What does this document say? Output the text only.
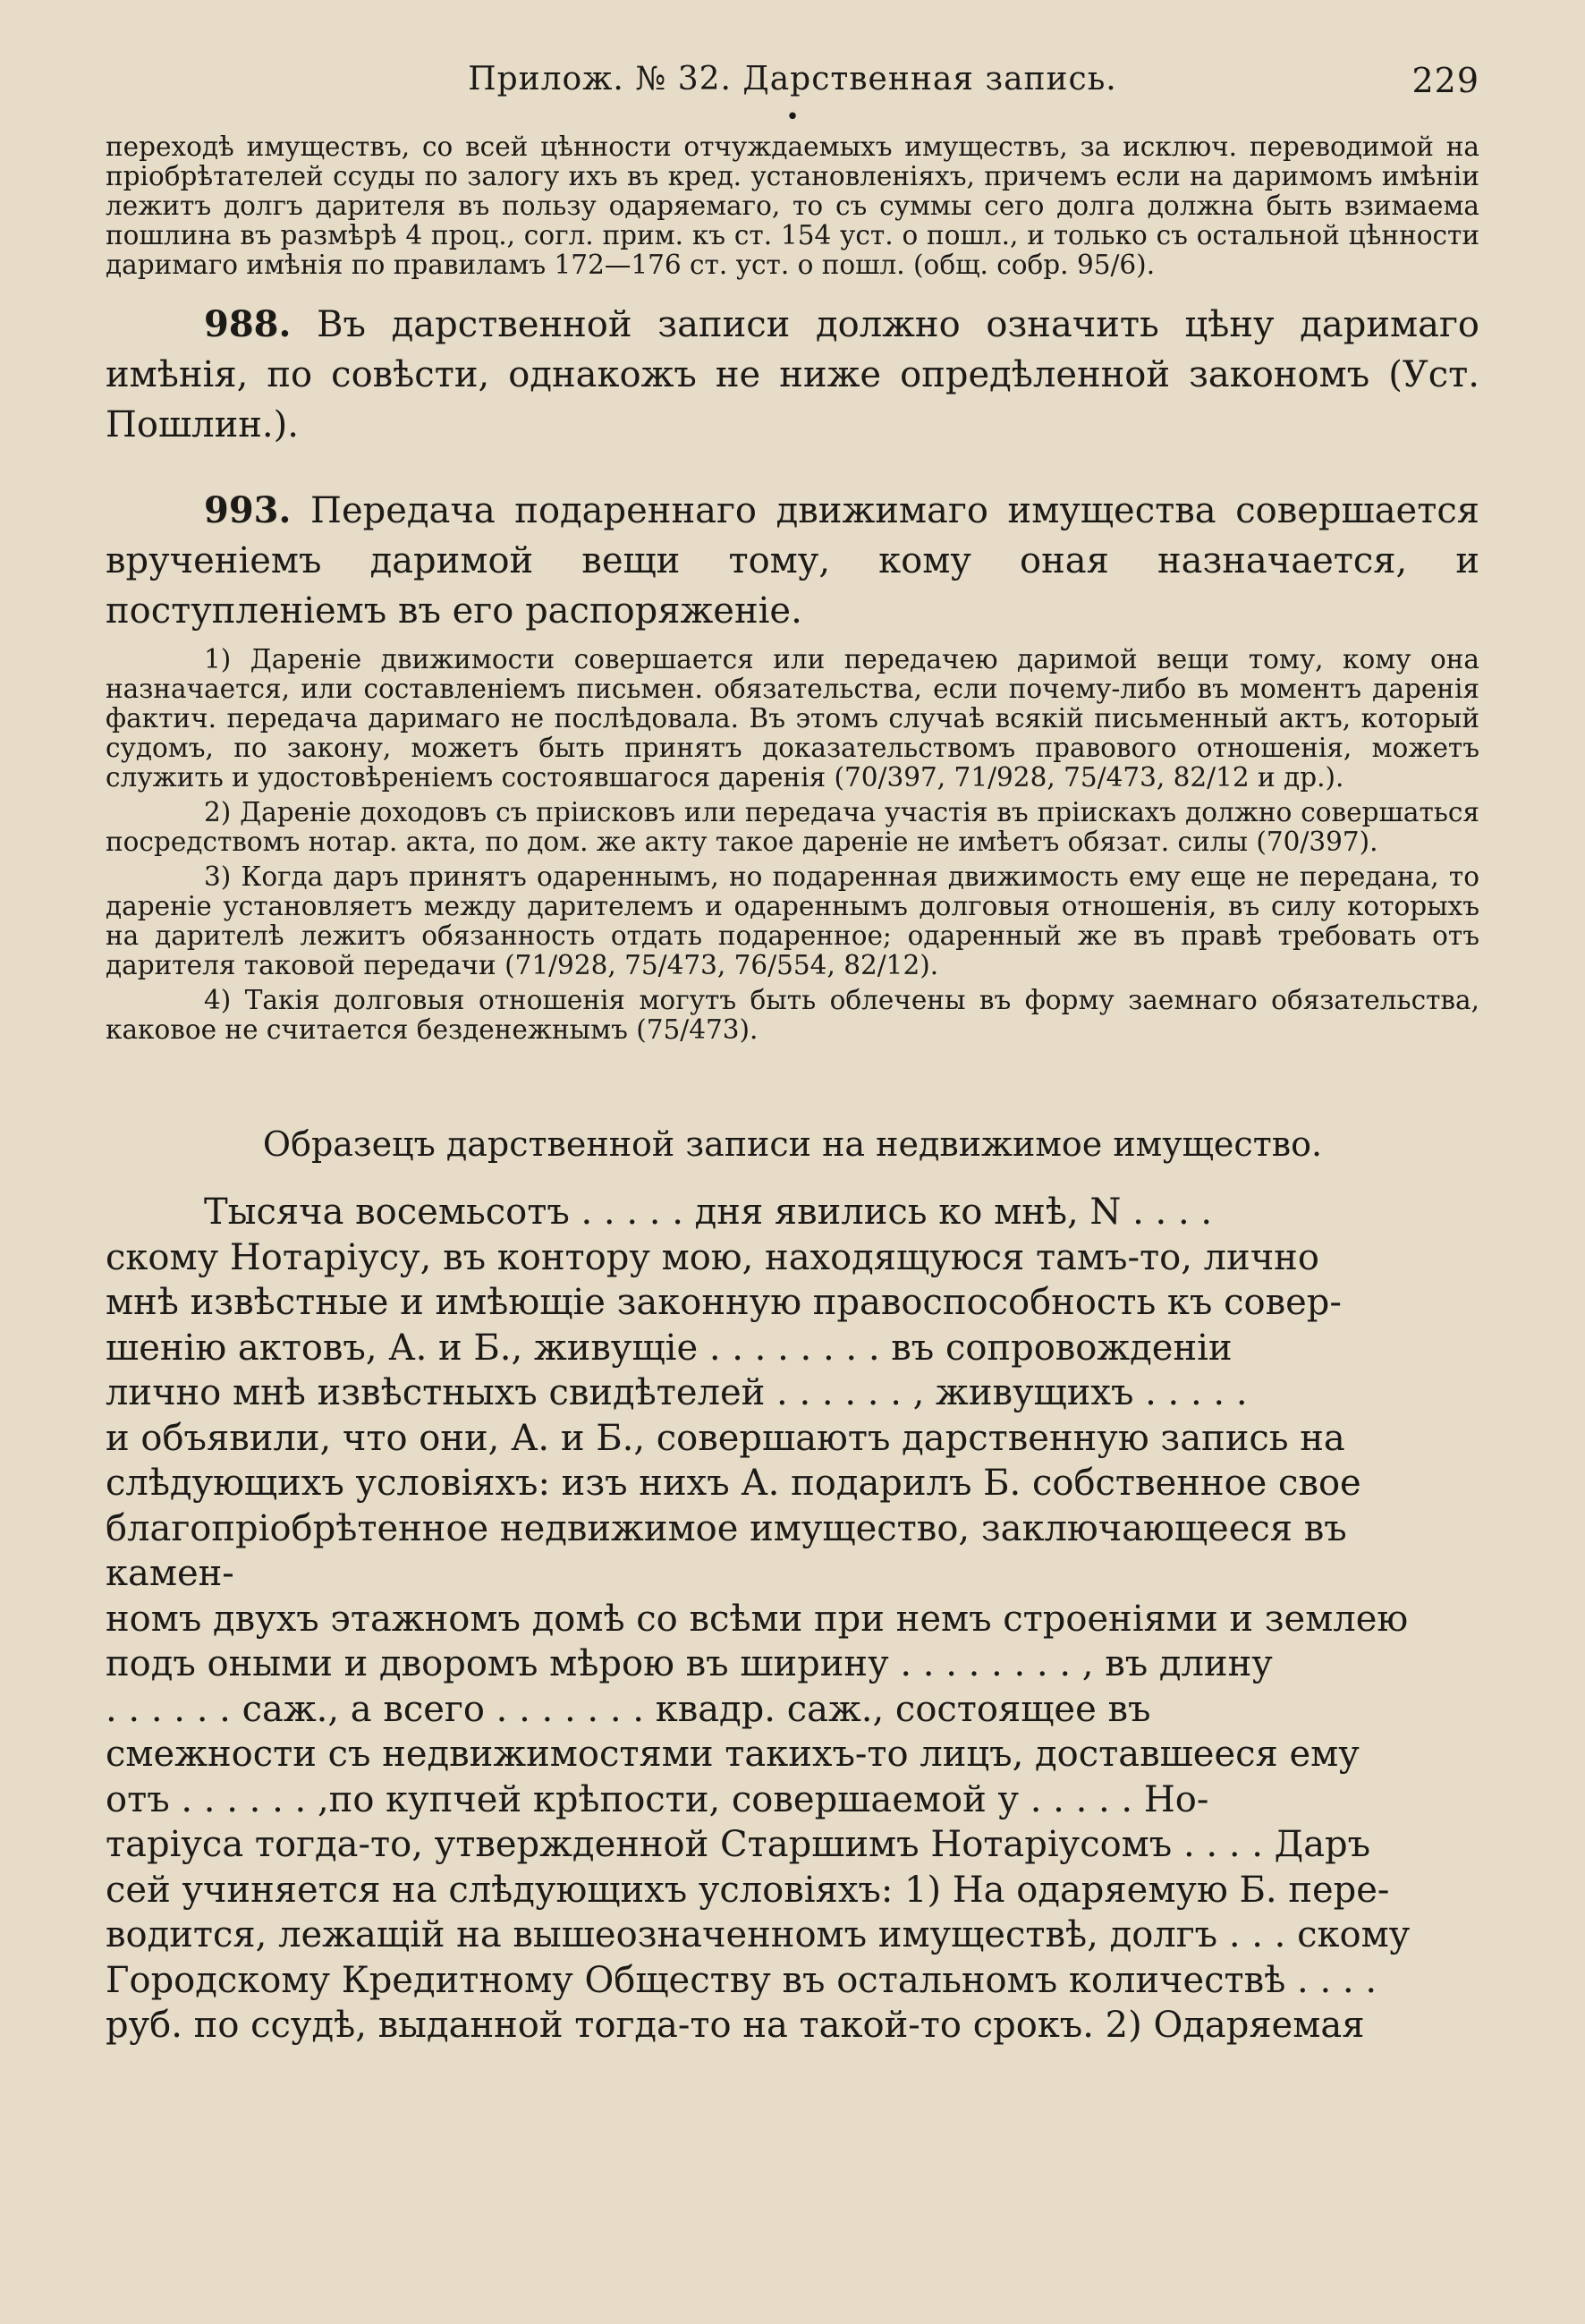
Прилож. № 32. Дарственная запись.	229
•

переходѣ имуществъ, со всей цѣнности отчуждаемыхъ имуществъ, за исключ. переводимой на пріобрѣтателей ссуды по залогу ихъ въ кред. установленіяхъ, причемъ если на даримомъ имѣніи лежитъ долгъ дарителя въ пользу одаряемаго, то съ суммы сего долга должна быть взимаема пошлина въ размѣрѣ 4 проц., согл. прим. къ ст. 154 уст. о пошл., и только съ остальной цѣнности даримаго имѣнія по правиламъ 172—176 ст. уст. о пошл. (общ. собр. 95/6).

988. Въ дарственной записи должно означить цѣну даримаго имѣнія, по совѣсти, однакожъ не ниже опредѣленной закономъ (Уст. Пошлин.).

993. Передача подареннаго движимаго имущества совершается врученіемъ даримой вещи тому, кому оная назначается, и поступленіемъ въ его распоряженіе.

1) Дареніе движимости совершается или передачею даримой вещи тому, кому она назначается, или составленіемъ письмен. обязательства, если почему-либо въ моментъ даренія фактич. передача даримаго не послѣдовала. Въ этомъ случаѣ всякій письменный актъ, который судомъ, по закону, можетъ быть принятъ доказательствомъ правового отношенія, можетъ служить и удостовѣреніемъ состоявшагося даренія (70/397, 71/928, 75/473, 82/12 и др.).

2) Дареніе доходовъ съ пріисковъ или передача участія въ пріискахъ должно совершаться посредствомъ нотар. акта, по дом. же акту такое дареніе не имѣетъ обязат. силы (70/397).

3) Когда даръ принятъ одареннымъ, но подаренная движимость ему еще не передана, то дареніе установляетъ между дарителемъ и одареннымъ долговыя отношенія, въ силу которыхъ на дарителѣ лежитъ обязанность отдать подаренное; одаренный же въ правѣ требовать отъ дарителя таковой передачи (71/928, 75/473, 76/554, 82/12).

4) Такія долговыя отношенія могутъ быть облечены въ форму заемнаго обязательства, каковое не считается безденежнымъ (75/473).

Образецъ дарственной записи на недвижимое имущество.
Тысяча восемьсотъ . . . . . дня явились ко мнѣ, N . . . .
скому Нотаріусу, въ контору мою, находящуюся тамъ-то, лично
мнѣ извѣстные и имѣющіе законную правоспособность къ совер-
шенію актовъ, А. и Б., живущіе . . . . . . . . въ сопровожденіи
лично мнѣ извѣстныхъ свидѣтелей . . . . . . , живущихъ . . . . .
и объявили, что они, А. и Б., совершаютъ дарственную запись на
слѣдующихъ условіяхъ: изъ нихъ А. подарилъ Б. собственное свое
благопріобрѣтенное недвижимое имущество, заключающееся въ камен-
номъ двухъ этажномъ домѣ со всѣми при немъ строеніями и землею
подъ оными и дворомъ мѣрою въ ширину . . . . . . . . , въ длину
. . . . . . саж., а всего . . . . . . . квадр. саж., состоящее въ
смежности съ недвижимостями такихъ-то лицъ, доставшееся ему
отъ . . . . . . ,по купчей крѣпости, совершаемой у . . . . . Но-
таріуса тогда-то, утвержденной Старшимъ Нотаріусомъ . . . . Даръ
сей учиняется на слѣдующихъ условіяхъ: 1) На одаряемую Б. пере-
водится, лежащій на вышеозначенномъ имуществѣ, долгъ . . . скому
Городскому Кредитному Обществу въ остальномъ количествѣ . . . .
руб. по ссудѣ, выданной тогда-то на такой-то срокъ. 2) Одаряемая
